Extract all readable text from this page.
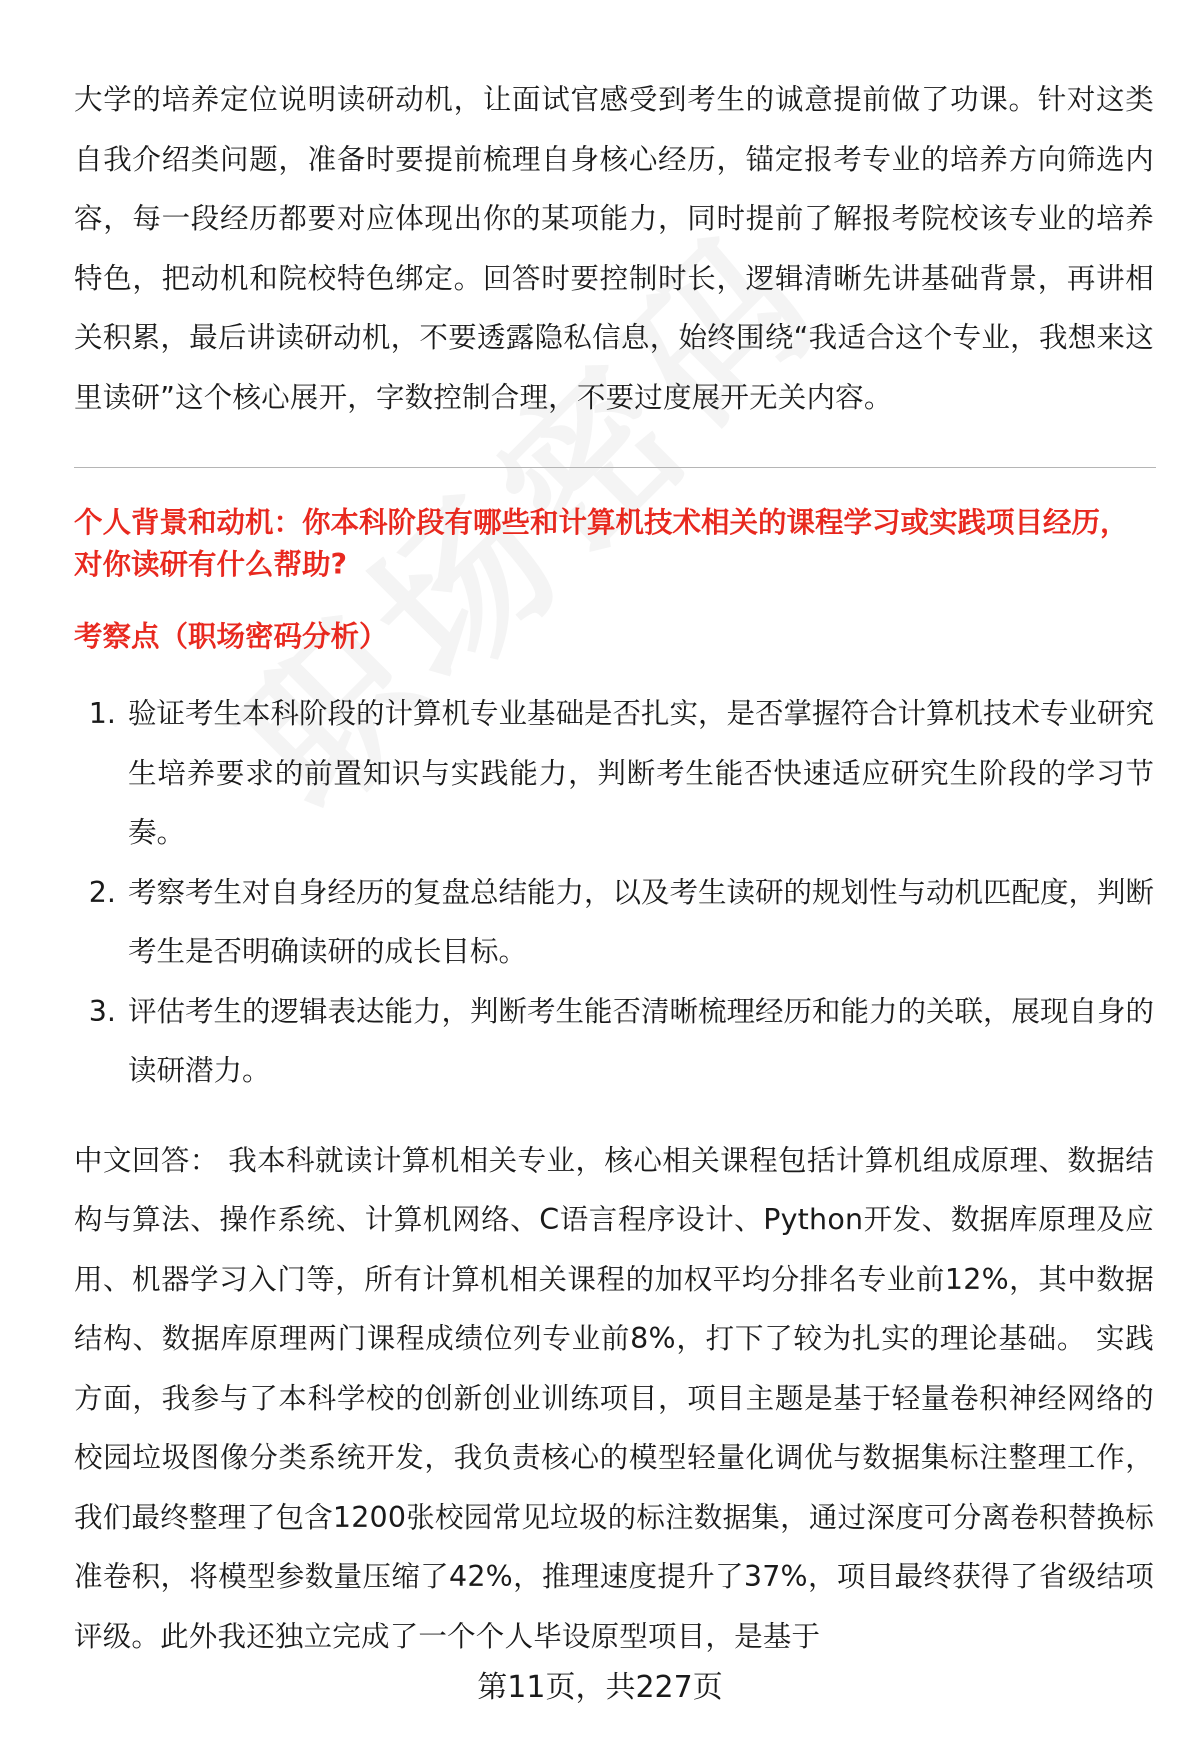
大学的培养定位说明读研动机，让面试官感受到考生的诚意提前做了功课。针对这类自我介绍类问题，准备时要提前梳理自身核心经历，锚定报考专业的培养方向筛选内容，每一段经历都要对应体现出你的某项能力，同时提前了解报考院校该专业的培养特色，把动机和院校特色绑定。回答时要控制时长，逻辑清晰先讲基础背景，再讲相关积累，最后讲读研动机，不要透露隐私信息，始终围绕“我适合这个专业，我想来这里读研”这个核心展开，字数控制合理，不要过度展开无关内容。

个人背景和动机：你本科阶段有哪些和计算机技术相关的课程学习或实践项目经历，对你读研有什么帮助?

考察点（职场密码分析）

1. 验证考生本科阶段的计算机专业基础是否扎实，是否掌握符合计算机技术专业研究生培养要求的前置知识与实践能力，判断考生能否快速适应研究生阶段的学习节奏。
2. 考察考生对自身经历的复盘总结能力，以及考生读研的规划性与动机匹配度，判断考生是否明确读研的成长目标。
3. 评估考生的逻辑表达能力，判断考生能否清晰梳理经历和能力的关联，展现自身的读研潜力。

中文回答： 我本科就读计算机相关专业，核心相关课程包括计算机组成原理、数据结构与算法、操作系统、计算机网络、C语言程序设计、Python开发、数据库原理及应用、机器学习入门等，所有计算机相关课程的加权平均分排名专业前12%，其中数据结构、数据库原理两门课程成绩位列专业前8%，打下了较为扎实的理论基础。 实践方面，我参与了本科学校的创新创业训练项目，项目主题是基于轻量卷积神经网络的校园垃圾图像分类系统开发，我负责核心的模型轻量化调优与数据集标注整理工作，我们最终整理了包含1200张校园常见垃圾的标注数据集，通过深度可分离卷积替换标准卷积，将模型参数量压缩了42%，推理速度提升了37%，项目最终获得了省级结项评级。此外我还独立完成了一个个人毕设原型项目，是基于

第11页，共227页
